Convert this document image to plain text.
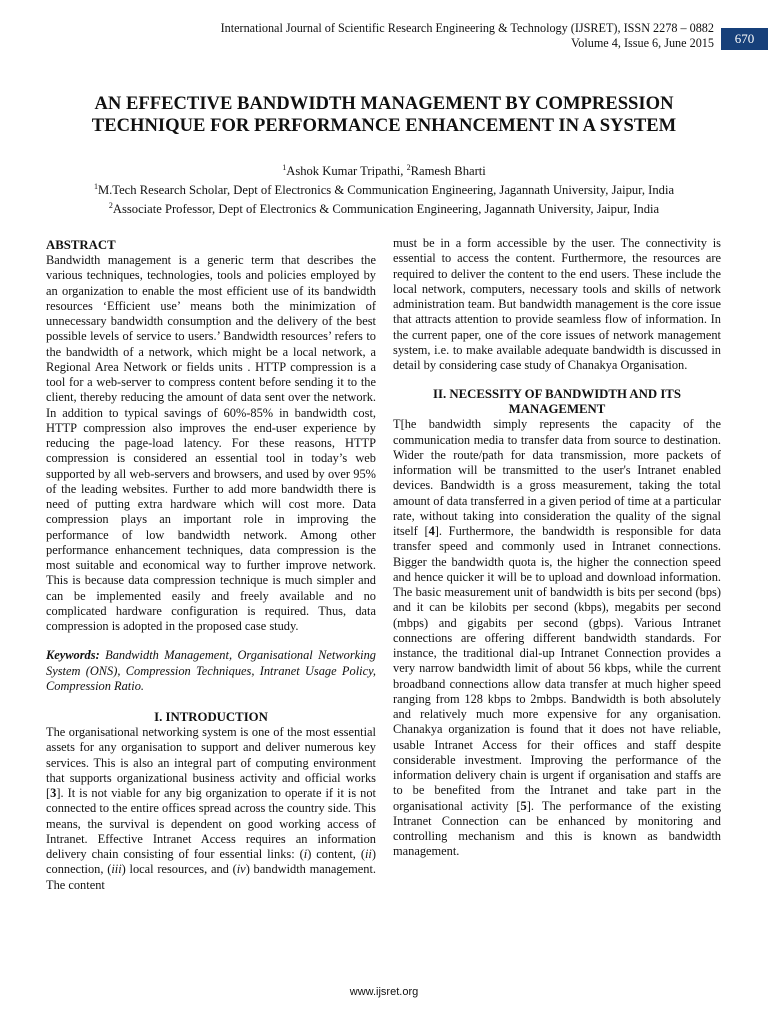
International Journal of Scientific Research Engineering & Technology (IJSRET), ISSN 2278 – 0882
Volume 4, Issue 6, June 2015	670
AN EFFECTIVE BANDWIDTH MANAGEMENT BY COMPRESSION
TECHNIQUE FOR PERFORMANCE ENHANCEMENT IN A SYSTEM
$^1$Ashok Kumar Tripathi, $^2$Ramesh Bharti
$^1$M.Tech Research Scholar, Dept of Electronics & Communication Engineering, Jagannath University, Jaipur, India
$^2$Associate Professor, Dept of Electronics & Communication Engineering, Jagannath University, Jaipur, India
ABSTRACT

Bandwidth management is a generic term that describes the various techniques, technologies, tools and policies employed by an organization to enable the most efficient use of its bandwidth resources ‘Efficient use’ means both the minimization of unnecessary bandwidth consumption and the delivery of the best possible levels of service to users.’ Bandwidth resources’ refers to the bandwidth of a network, which might be a local network, a Regional Area Network or fields units . HTTP compression is a tool for a web-server to compress content before sending it to the client, thereby reducing the amount of data sent over the network. In addition to typical savings of 60%-85% in bandwidth cost, HTTP compression also improves the end-user experience by reducing the page-load latency. For these reasons, HTTP compression is considered an essential tool in today’s web supported by all web-servers and browsers, and used by over 95% of the leading websites. Further to add more bandwidth there is need of putting extra hardware which will cost more. Data compression plays an important role in improving the performance of low bandwidth network. Among other performance enhancement techniques, data compression is the most suitable and economical way to further improve network. This is because data compression technique is much simpler and can be implemented easily and freely available and no complicated hardware configuration is required. Thus, data compression is adopted in the proposed case study.

Keywords: Bandwidth Management, Organisational Networking System (ONS), Compression Techniques, Intranet Usage Policy, Compression Ratio.

I. INTRODUCTION

The organisational networking system is one of the most essential assets for any organisation to support and deliver numerous key services. This is also an integral part of computing environment that supports organizational business activity and official works [3]. It is not viable for any big organization to operate if it is not connected to the entire offices spread across the country side. This means, the survival is dependent on good working access of Intranet. Effective Intranet Access requires an information delivery chain consisting of four essential links: (i) content, (ii) connection, (iii) local resources, and (iv) bandwidth management. The content

must be in a form accessible by the user. The connectivity is essential to access the content. Furthermore, the resources are required to deliver the content to the end users. These include the local network, computers, necessary tools and skills of network administration team. But bandwidth management is the core issue that attracts attention to provide seamless flow of information. In the current paper, one of the core issues of network management system, i.e. to make available adequate bandwidth is discussed in detail by considering case study of Chanakya Organisation.

II. NECESSITY OF BANDWIDTH AND ITS
MANAGEMENT

T[he bandwidth simply represents the capacity of the communication media to transfer data from source to destination. Wider the route/path for data transmission, more packets of information will be transmitted to the user's Intranet enabled devices. Bandwidth is a gross measurement, taking the total amount of data transferred in a given period of time at a particular rate, without taking into consideration the quality of the signal itself [4]. Furthermore, the bandwidth is responsible for data transfer speed and commonly used in Intranet connections. Bigger the bandwidth quota is, the higher the connection speed and hence quicker it will be to upload and download information. The basic measurement unit of bandwidth is bits per second (bps) and it can be kilobits per second (kbps), megabits per second (mbps) and gigabits per second (gbps). Various Intranet connections are offering different bandwidth standards. For instance, the traditional dial-up Intranet Connection provides a very narrow bandwidth limit of about 56 kbps, while the current broadband connections allow data transfer at much higher speed ranging from 128 kbps to 2mbps. Bandwidth is both absolutely and relatively much more expensive for any organisation. Chanakya organization is found that it does not have reliable, usable Intranet Access for their offices and staff despite considerable investment. Improving the performance of the information delivery chain is urgent if organisation and staffs are to be benefited from the Intranet and take part in the organisational activity [5]. The performance of the existing Intranet Connection can be enhanced by monitoring and controlling mechanism and this is known as bandwidth management.

www.ijsret.org
